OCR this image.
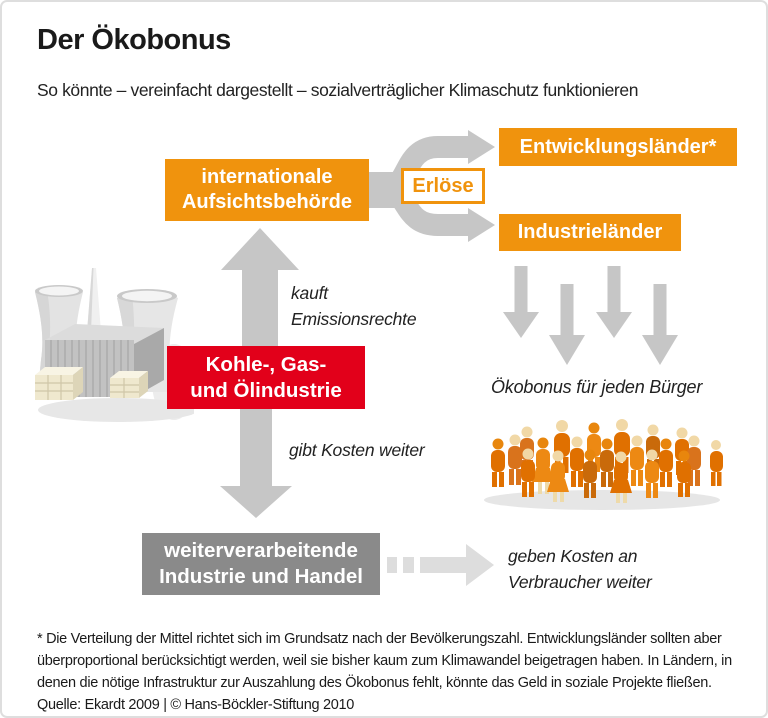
Der Ökobonus
So könnte – vereinfacht dargestellt – sozialverträglicher Klimaschutz funktionieren
internationale
Aufsichtsbehörde
Erlöse
Entwicklungsländer*
Industrieländer
kauft
Emissionsrechte
Kohle-, Gas-
und Ölindustrie
gibt Kosten weiter
weiterverarbeitende
Industrie und Handel
geben Kosten an
Verbraucher weiter
Ökobonus für jeden Bürger
* Die Verteilung der Mittel richtet sich im Grundsatz nach der Bevölkerungszahl. Entwicklungsländer sollten aber überproportional berücksichtigt werden, weil sie bisher kaum zum Klimawandel beigetragen haben. In Ländern, in denen die nötige Infrastruktur zur Auszahlung des Ökobonus fehlt, könnte das Geld in soziale Projekte fließen.
Quelle: Ekardt 2009 | © Hans-Böckler-Stiftung 2010
